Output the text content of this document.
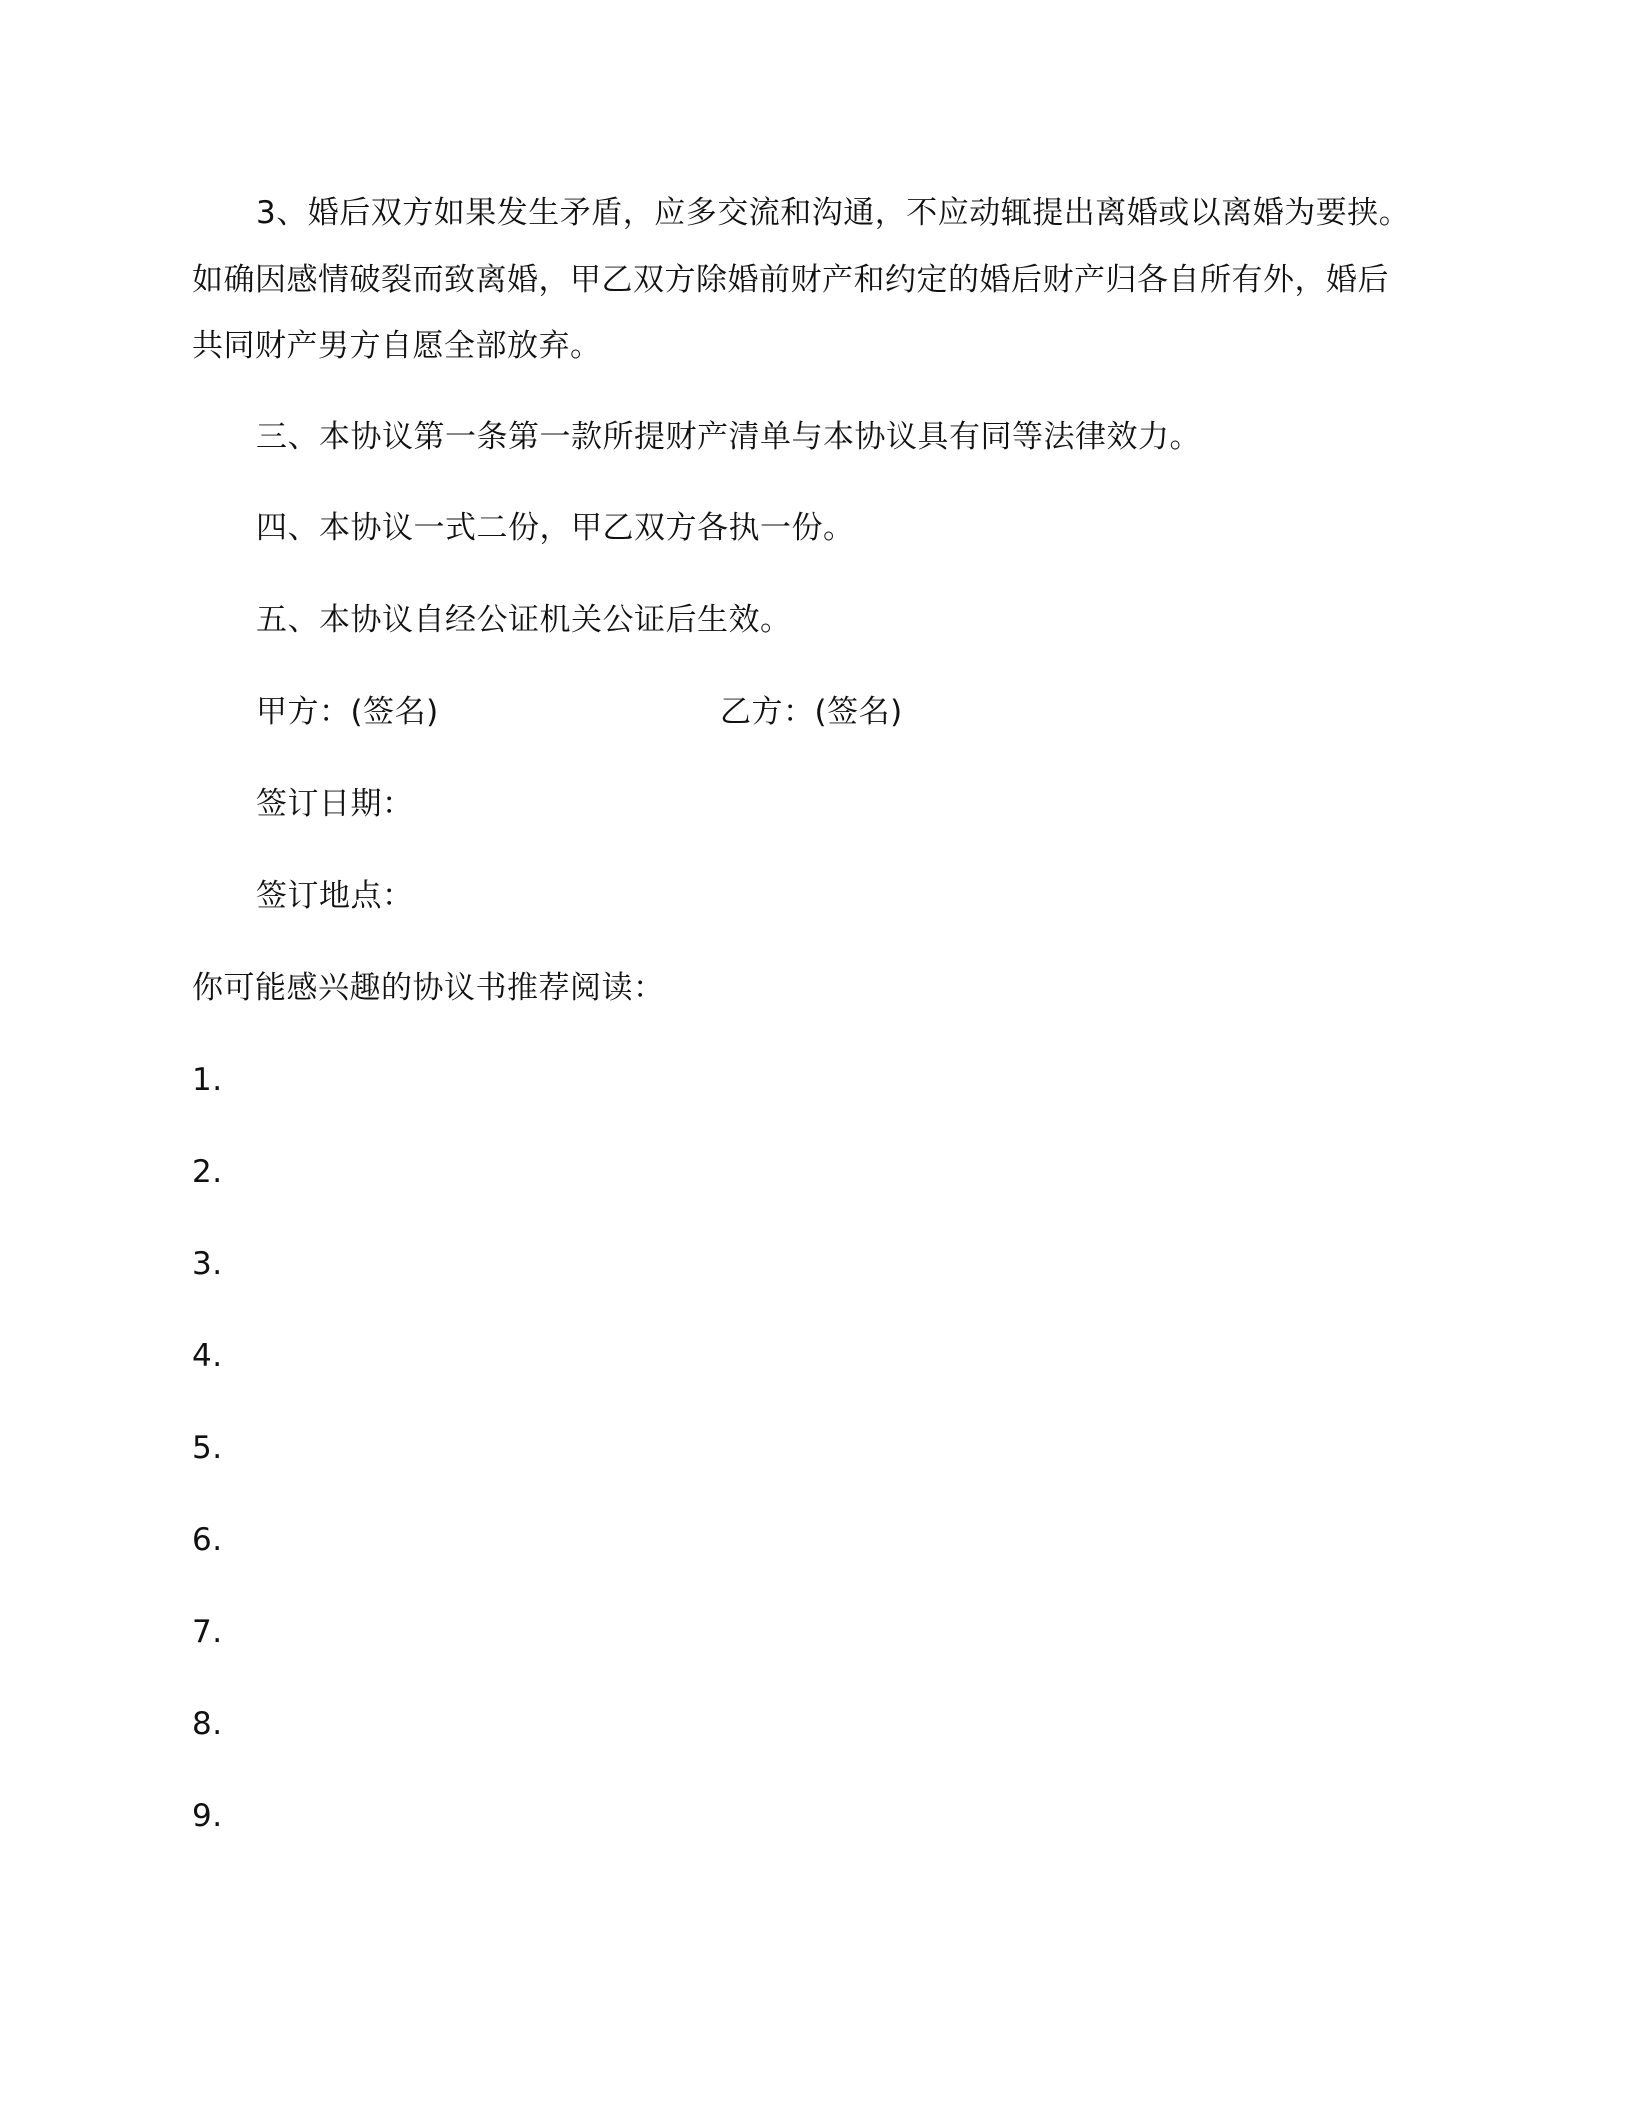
3、婚后双方如果发生矛盾，应多交流和沟通，不应动辄提出离婚或以离婚为要挟。
如确因感情破裂而致离婚，甲乙双方除婚前财产和约定的婚后财产归各自所有外，婚后
共同财产男方自愿全部放弃。
三、本协议第一条第一款所提财产清单与本协议具有同等法律效力。
四、本协议一式二份，甲乙双方各执一份。
五、本协议自经公证机关公证后生效。
甲方：(签名)	乙方：(签名)
签订日期：
签订地点：
你可能感兴趣的协议书推荐阅读：
1.
2.
3.
4.
5.
6.
7.
8.
9.
